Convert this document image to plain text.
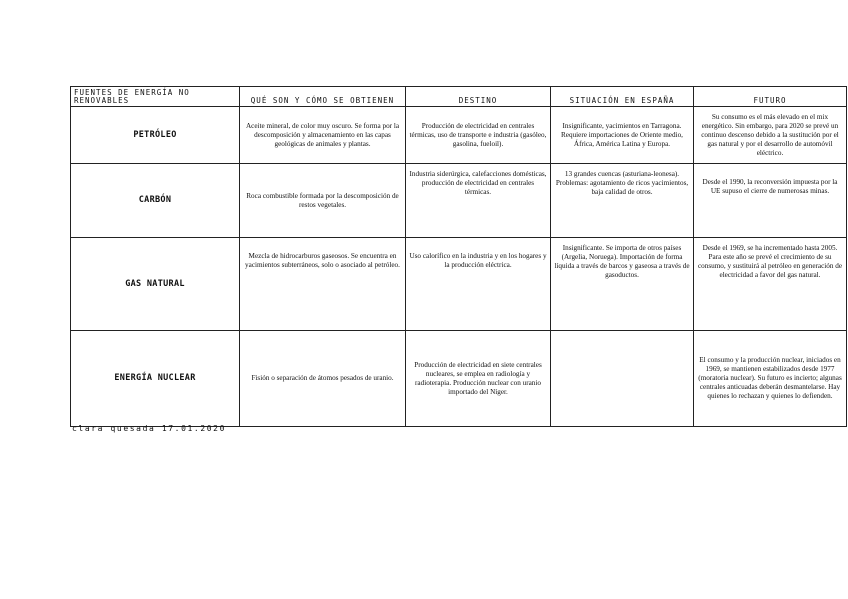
FUENTES DE ENERGÍA NO RENOVABLES	QUÉ SON Y CÓMO SE OBTIENEN	DESTINO	SITUACIÓN EN ESPAÑA	FUTURO
PETRÓLEO	Aceite mineral, de color muy oscuro. Se forma por la descomposición y almacenamiento en las capas geológicas de animales y plantas.	Producción de electricidad en centrales térmicas, uso de transporte e industria (gasóleo, gasolina, fueloil).	Insignificante, yacimientos en Tarragona. Requiere importaciones de Oriente medio, África, América Latina y Europa.	Su consumo es el más elevado en el mix energético. Sin embargo, para 2020 se prevé un continuo descenso debido a la sustitución por el gas natural y por el desarrollo de automóvil eléctrico.
CARBÓN	Roca combustible formada por la descomposición de restos vegetales.	Industria siderúrgica, calefacciones domésticas, producción de electricidad en centrales térmicas.	13 grandes cuencas (asturiana-leonesa). Problemas: agotamiento de ricos yacimientos, baja calidad de otros.	Desde el 1990, la reconversión impuesta por la UE supuso el cierre de numerosas minas.
GAS NATURAL	Mezcla de hidrocarburos gaseosos. Se encuentra en yacimientos subterráneos, solo o asociado al petróleo.	Uso calorífico en la industria y en los hogares y la producción eléctrica.	Insignificante. Se importa de otros países (Argelia, Noruega). Importación de forma líquida a través de barcos y gaseosa a través de gasoductos.	Desde el 1969, se ha incrementado hasta 2005. Para este año se prevé el crecimiento de su consumo, y sustituirá al petróleo en generación de electricidad a favor del gas natural.
ENERGÍA NUCLEAR	Fisión o separación de átomos pesados de uranio.	Producción de electricidad en siete centrales nucleares, se emplea en radiología y radioterapia. Producción nuclear con uranio importado del Níger.		El consumo y la producción nuclear, iniciados en 1969, se mantienen estabilizados desde 1977 (moratoria nuclear). Su futuro es incierto; algunas centrales anticuadas deberán desmantelarse. Hay quienes lo rechazan y quienes lo defienden.
clara quesada 17.01.2020
